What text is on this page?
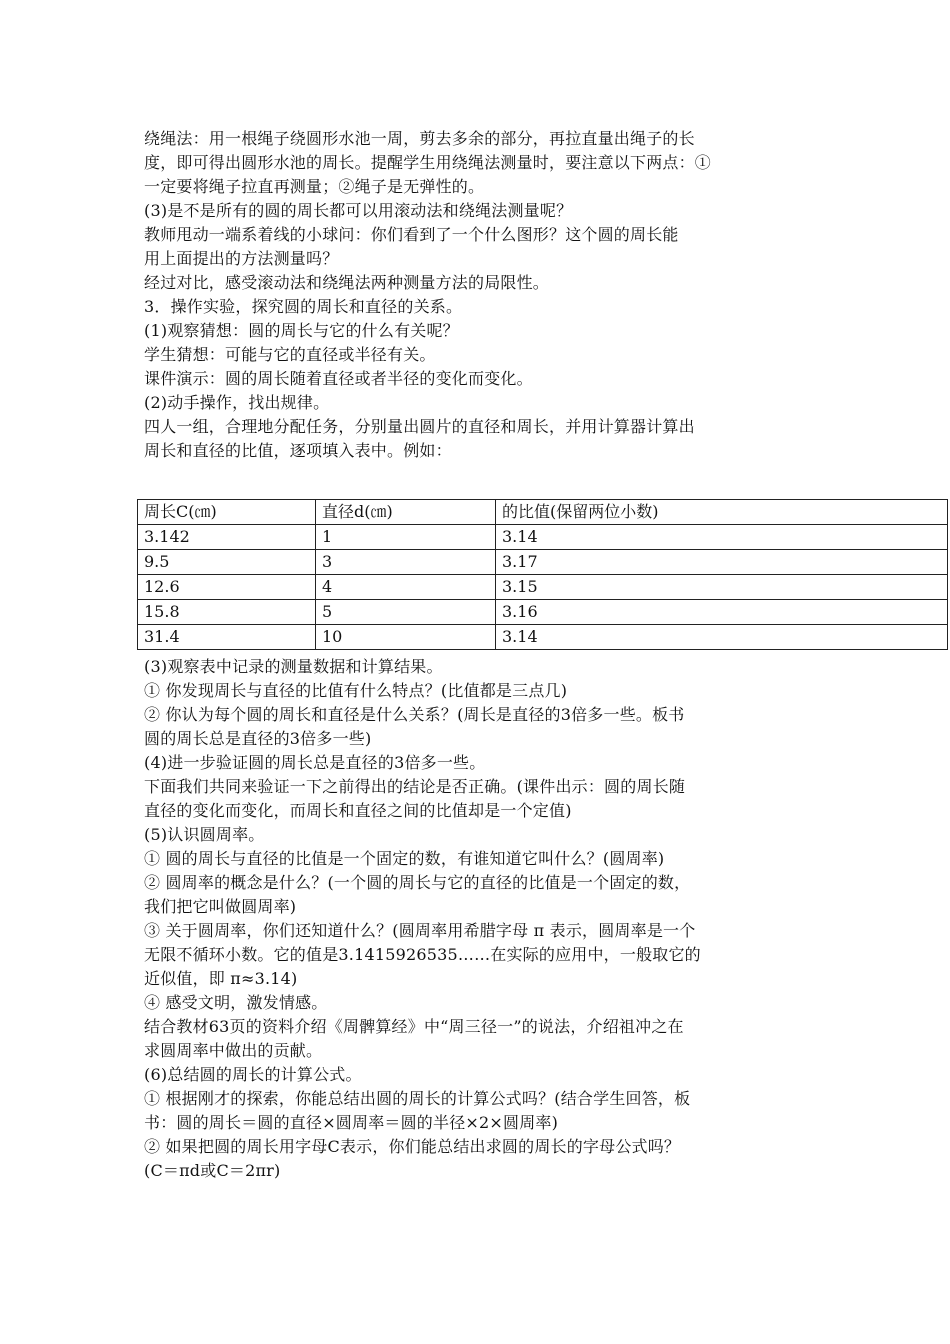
绕绳法：用一根绳子绕圆形水池一周，剪去多余的部分，再拉直量出绳子的长
度，即可得出圆形水池的周长。提醒学生用绕绳法测量时，要注意以下两点：①
一定要将绳子拉直再测量；②绳子是无弹性的。
(3)是不是所有的圆的周长都可以用滚动法和绕绳法测量呢？
教师甩动一端系着线的小球问：你们看到了一个什么图形？这个圆的周长能
用上面提出的方法测量吗？
经过对比，感受滚动法和绕绳法两种测量方法的局限性。
3．操作实验，探究圆的周长和直径的关系。
(1)观察猜想：圆的周长与它的什么有关呢？
学生猜想：可能与它的直径或半径有关。
课件演示：圆的周长随着直径或者半径的变化而变化。
(2)动手操作，找出规律。
四人一组，合理地分配任务，分别量出圆片的直径和周长，并用计算器计算出
周长和直径的比值，逐项填入表中。例如：
周长C(㎝)	直径d(㎝)	的比值(保留两位小数)
3.142	1	3.14
9.5	3	3.17
12.6	4	3.15
15.8	5	3.16
31.4	10	3.14
(3)观察表中记录的测量数据和计算结果。
① 你发现周长与直径的比值有什么特点？(比值都是三点几)
② 你认为每个圆的周长和直径是什么关系？(周长是直径的3倍多一些。板书
圆的周长总是直径的3倍多一些)
(4)进一步验证圆的周长总是直径的3倍多一些。
下面我们共同来验证一下之前得出的结论是否正确。(课件出示：圆的周长随
直径的变化而变化，而周长和直径之间的比值却是一个定值)
(5)认识圆周率。
① 圆的周长与直径的比值是一个固定的数，有谁知道它叫什么？(圆周率)
② 圆周率的概念是什么？(一个圆的周长与它的直径的比值是一个固定的数，
我们把它叫做圆周率)
③ 关于圆周率，你们还知道什么？(圆周率用希腊字母 π 表示，圆周率是一个
无限不循环小数。它的值是3.1415926535……在实际的应用中，一般取它的
近似值，即 π≈3.14)
④ 感受文明，激发情感。
结合教材63页的资料介绍《周髀算经》中“周三径一”的说法，介绍祖冲之在
求圆周率中做出的贡献。
(6)总结圆的周长的计算公式。
① 根据刚才的探索，你能总结出圆的周长的计算公式吗？(结合学生回答，板
书：圆的周长＝圆的直径×圆周率＝圆的半径×2×圆周率)
② 如果把圆的周长用字母C表示，你们能总结出求圆的周长的字母公式吗？
(C＝πd或C＝2πr)
